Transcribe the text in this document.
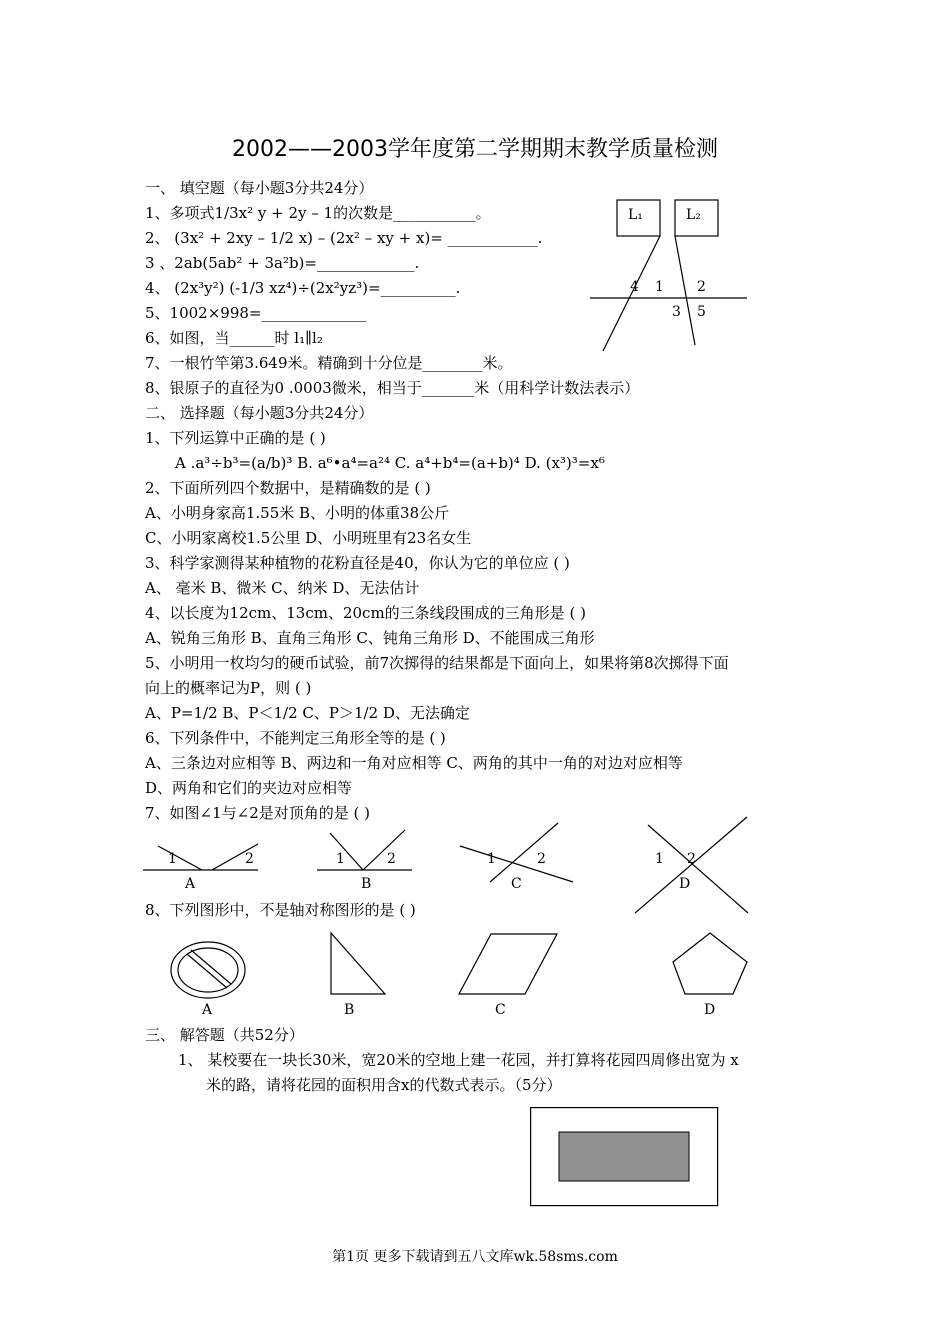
2002——2003学年度第二学期期末教学质量检测
一、 填空题（每小题3分共24分）
1、多项式1/3x² y + 2y – 1的次数是___________。
2、 (3x² + 2xy – 1/2 x) – (2x² – xy + x)= ____________.
3 、2ab(5ab² + 3a²b)=_____________.
4、 (2x³y²) (-1/3 xz⁴)÷(2x²yz³)=__________.
5、1002×998=______________
6、如图，当______时 l₁∥l₂
7、一根竹竿第3.649米。精确到十分位是________米。
8、银原子的直径为0 .0003微米，相当于_______米（用科学计数法表示）
L₁	L₂
4 1 2
3 5
二、 选择题（每小题3分共24分）
1、下列运算中正确的是 ( )
A .a³÷b³=(a/b)³ B. a⁶•a⁴=a²⁴ C. a⁴+b⁴=(a+b)⁴ D. (x³)³=x⁶
2、下面所列四个数据中，是精确数的是 ( )
A、小明身家高1.55米 B、小明的体重38公斤
C、小明家离校1.5公里 D、小明班里有23名女生
3、科学家测得某种植物的花粉直径是40，你认为它的单位应 ( )
A、 毫米 B、微米 C、纳米 D、无法估计
4、以长度为12cm、13cm、20cm的三条线段围成的三角形是 ( )
A、锐角三角形 B、直角三角形 C、钝角三角形 D、不能围成三角形
5、小明用一枚均匀的硬币试验，前7次掷得的结果都是下面向上，如果将第8次掷得下面
向上的概率记为P，则 ( )
A、P=1/2 B、P＜1/2 C、P＞1/2 D、无法确定
6、下列条件中，不能判定三角形全等的是 ( )
A、三条边对应相等 B、两边和一角对应相等 C、两角的其中一角的对边对应相等
D、两角和它们的夹边对应相等
7、如图∠1与∠2是对顶角的是 ( )
1	2
A
1	2
B
1	2
C
1 2
D
8、下列图形中，不是轴对称图形的是 ( )
A	B	C	D
三、 解答题（共52分）
1、 某校要在一块长30米，宽20米的空地上建一花园，并打算将花园四周修出宽为 x
米的路，请将花园的面积用含x的代数式表示。（5分）
第1页 更多下载请到五八文库wk.58sms.com
